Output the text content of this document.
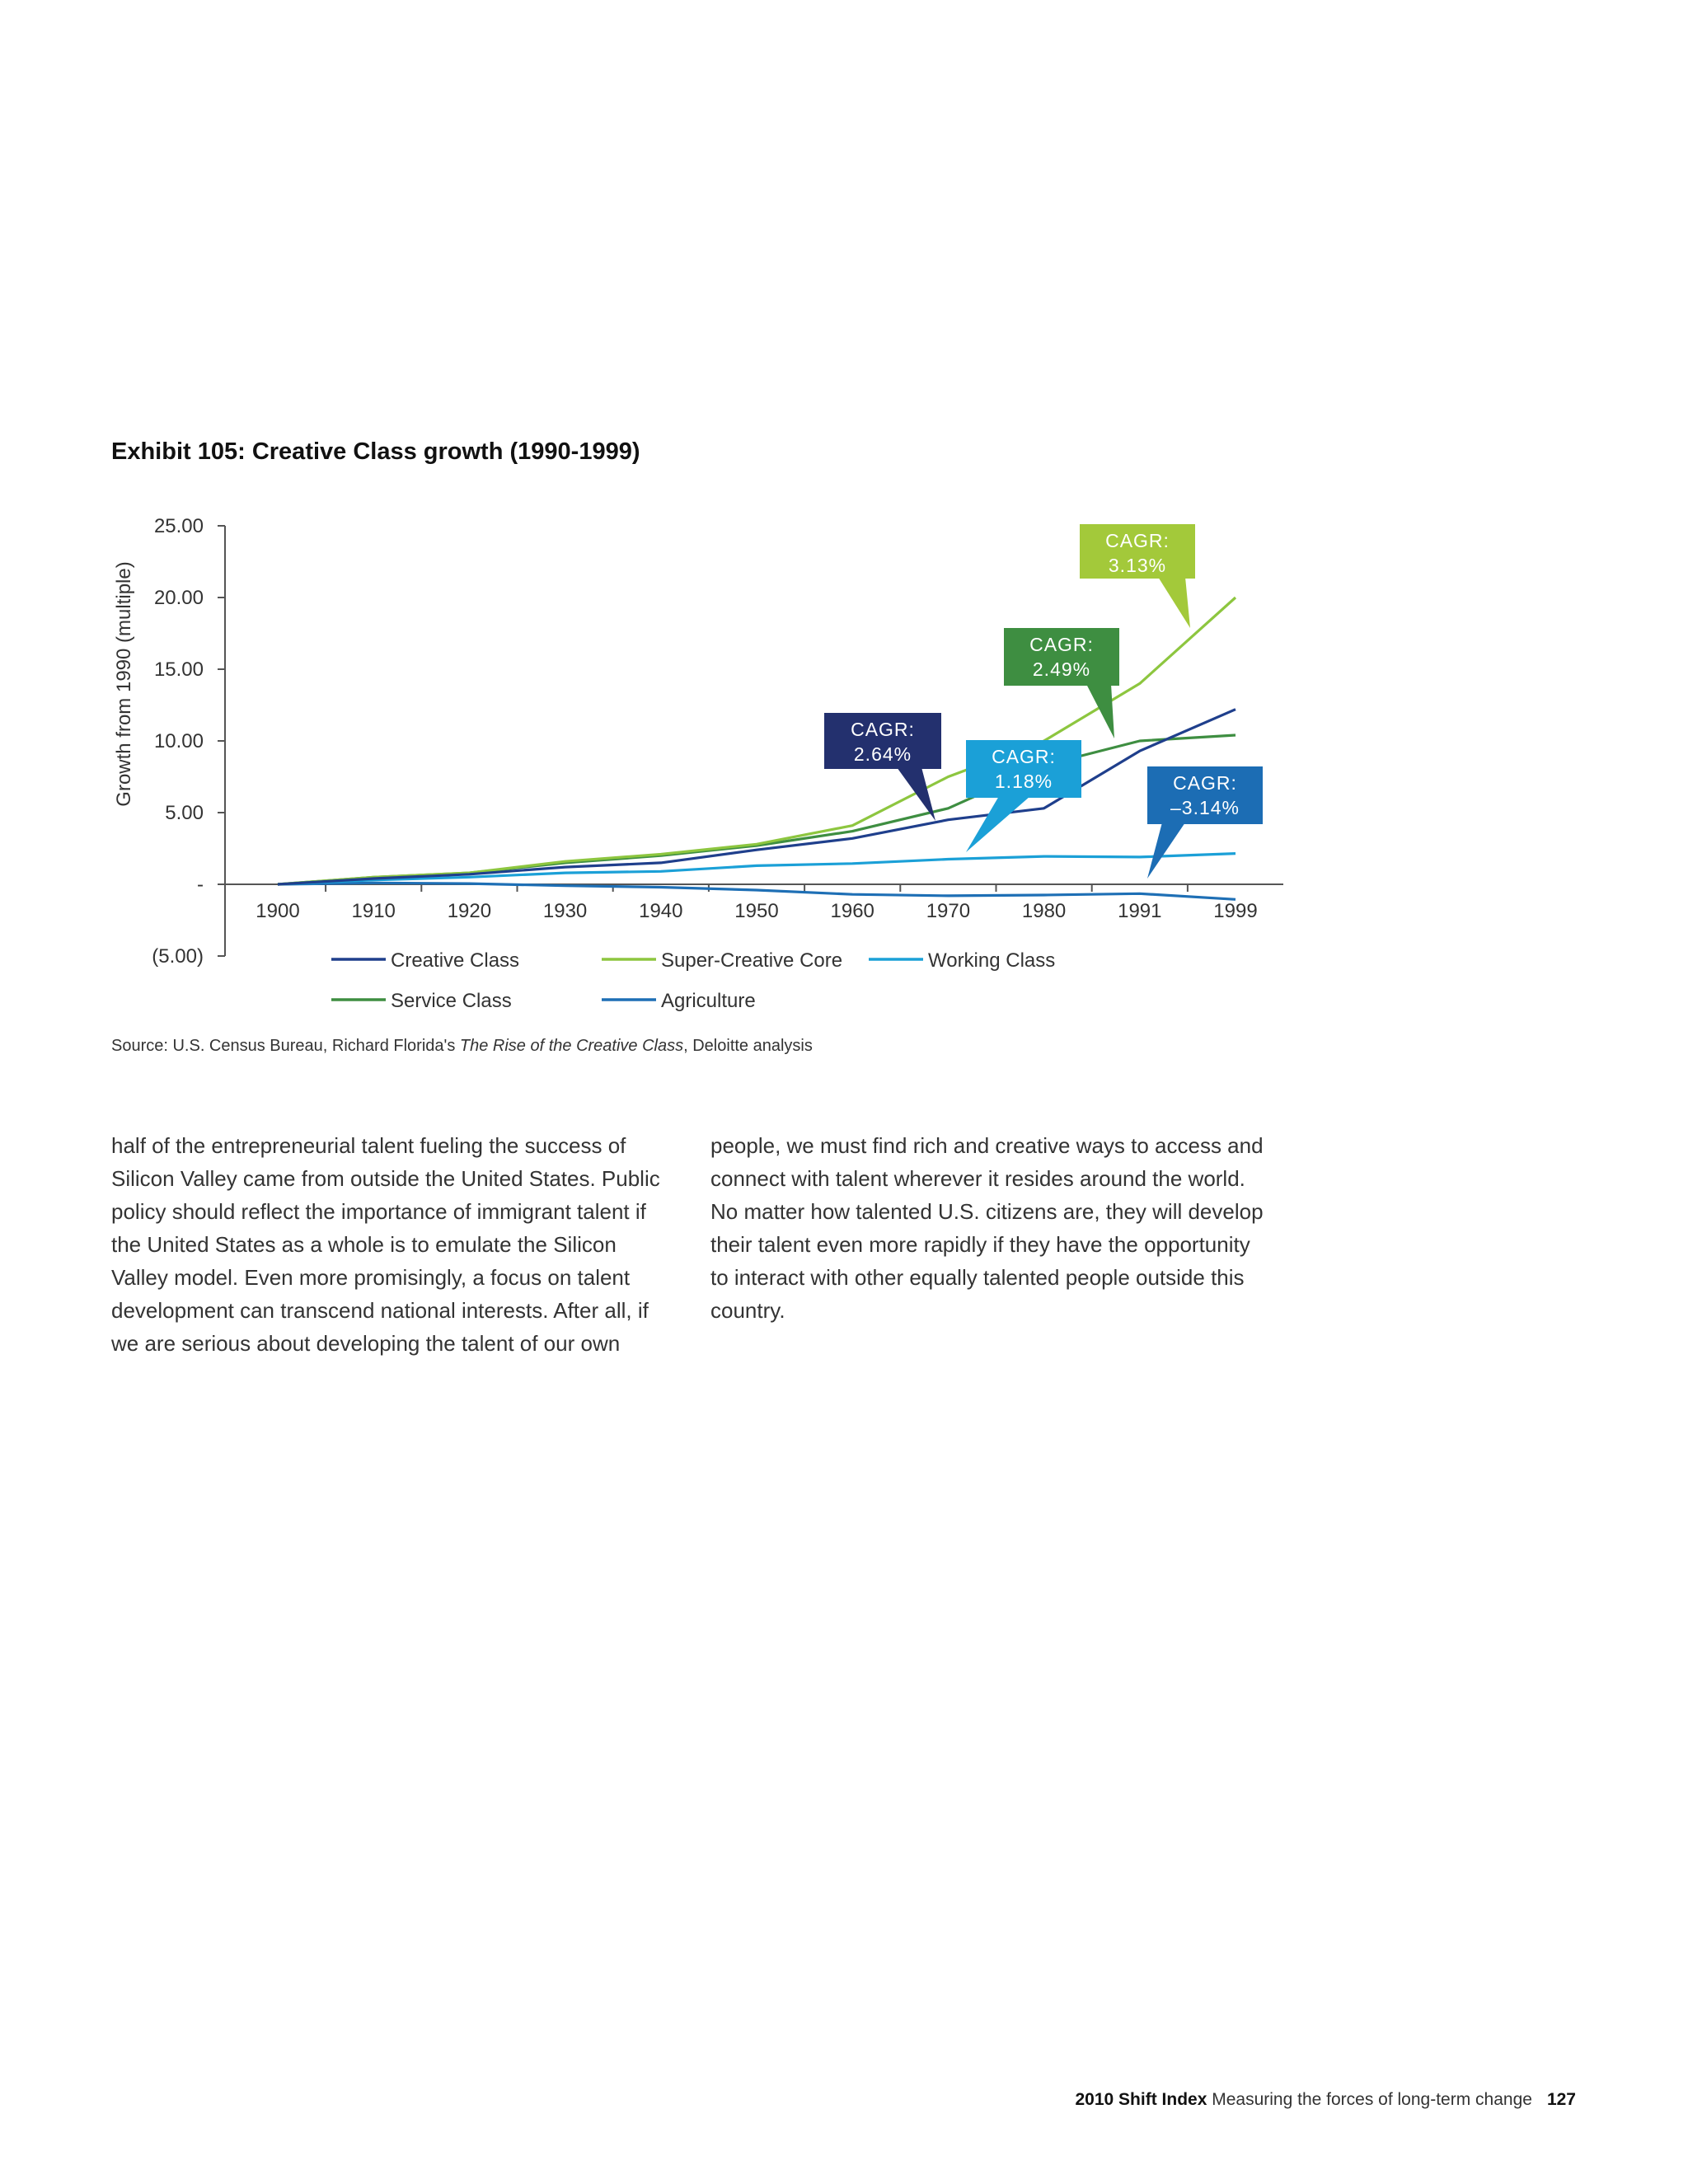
Exhibit 105: Creative Class growth (1990-1999)
Growth from 1990 (multiple)
25.00
20.00
15.00
10.00
5.00
-
(5.00)
1900	1910	1920	1930	1940	1950	1960	1970	1980	1991	1999
CAGR:
3.13%
CAGR:
2.49%
CAGR:
2.64%	CAGR:
1.18%	CAGR:
–3.14%
Creative Class	Super-Creative Core	Working Class
Service Class	Agriculture
Source: U.S. Census Bureau, Richard Florida's The Rise of the Creative Class, Deloitte analysis
half of the entrepreneurial talent fueling the success of Silicon Valley came from outside the United States. Public policy should reflect the importance of immigrant talent if the United States as a whole is to emulate the Silicon Valley model. Even more promisingly, a focus on talent development can transcend national interests. After all, if we are serious about developing the talent of our own
people, we must find rich and creative ways to access and connect with talent wherever it resides around the world. No matter how talented U.S. citizens are, they will develop their talent even more rapidly if they have the opportunity to interact with other equally talented people outside this country.
2010 Shift Index Measuring the forces of long-term change 127
